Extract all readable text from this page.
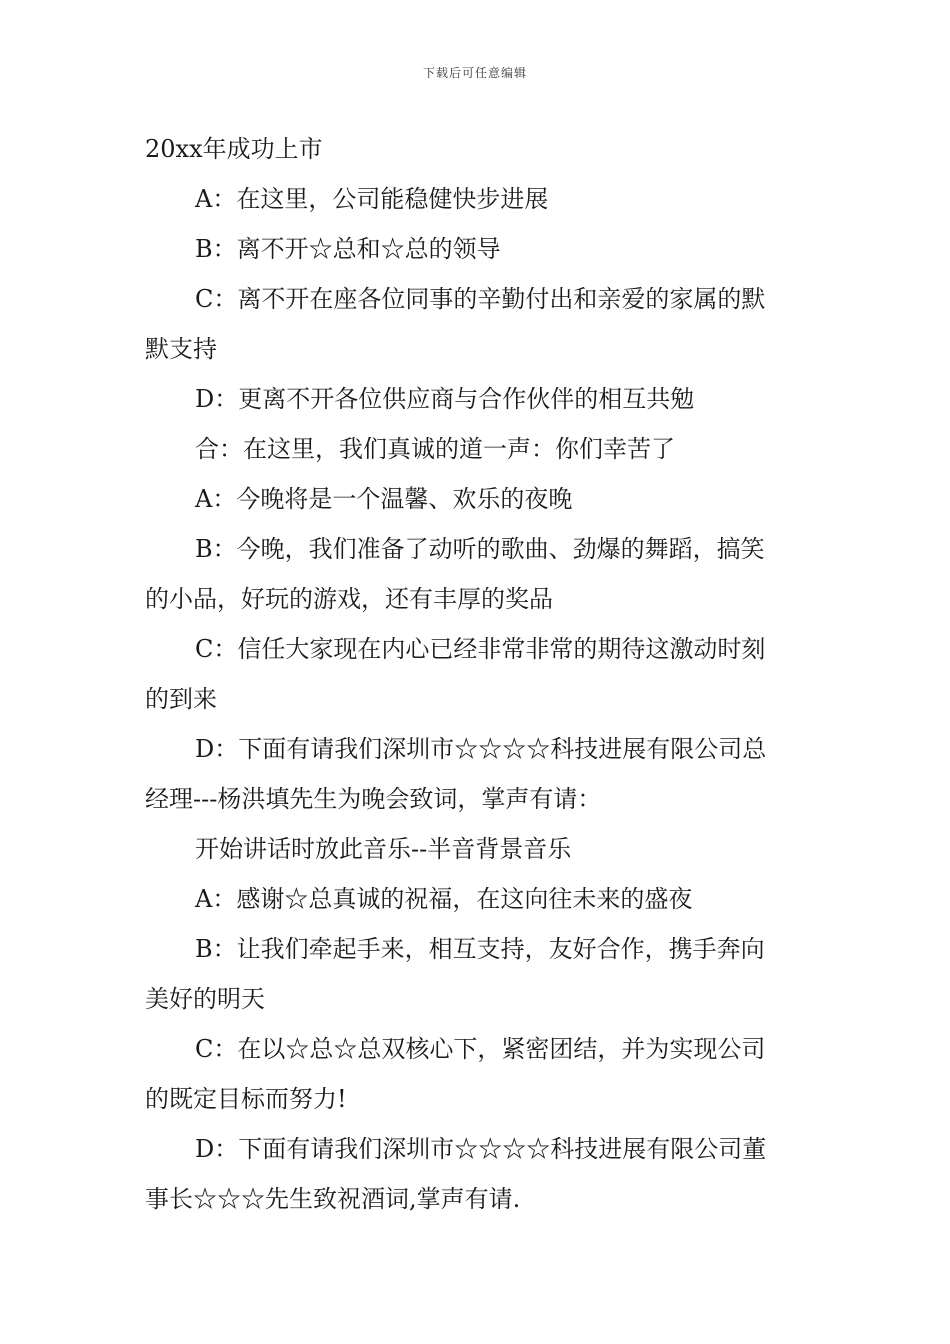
下载后可任意编辑

20xx年成功上市

A：在这里，公司能稳健快步进展

B：离不开☆总和☆总的领导

C：离不开在座各位同事的辛勤付出和亲爱的家属的默

默支持

D：更离不开各位供应商与合作伙伴的相互共勉

合：在这里，我们真诚的道一声：你们幸苦了

A：今晚将是一个温馨、欢乐的夜晚

B：今晚，我们准备了动听的歌曲、劲爆的舞蹈，搞笑

的小品，好玩的游戏，还有丰厚的奖品

C：信任大家现在内心已经非常非常的期待这激动时刻

的到来

D：下面有请我们深圳市☆☆☆☆科技进展有限公司总

经理---杨洪填先生为晚会致词，掌声有请：

开始讲话时放此音乐--半音背景音乐

A：感谢☆总真诚的祝福，在这向往未来的盛夜

B：让我们牵起手来，相互支持，友好合作，携手奔向

美好的明天

C：在以☆总☆总双核心下，紧密团结，并为实现公司

的既定目标而努力!

D：下面有请我们深圳市☆☆☆☆科技进展有限公司董

事长☆☆☆先生致祝酒词,掌声有请.
